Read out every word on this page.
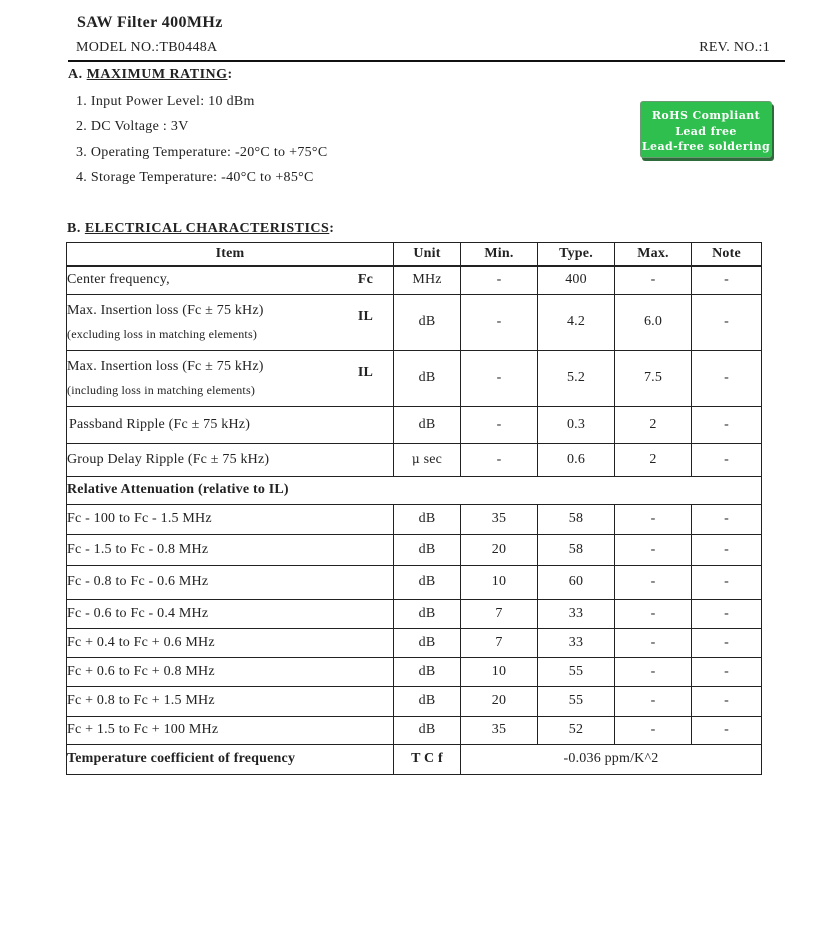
SAW Filter 400MHz
MODEL NO.:TB0448A	REV. NO.:1
A. MAXIMUM RATING:
1. Input Power Level: 10 dBm
2. DC Voltage : 3V
3. Operating Temperature: -20°C to +75°C
4. Storage Temperature: -40°C to +85°C
RoHS Compliant
Lead free
Lead-free soldering
B. ELECTRICAL CHARACTERISTICS:
Item	Unit	Min.	Type.	Max.	Note
Center frequency, Fc	MHz	-	400	-	-
Max. Insertion loss (Fc ± 75 kHz) IL
(excluding loss in matching elements)	dB	-	4.2	6.0	-
Max. Insertion loss (Fc ± 75 kHz) IL
(including loss in matching elements)	dB	-	5.2	7.5	-
Passband Ripple (Fc ± 75 kHz)	dB	-	0.3	2	-
Group Delay Ripple (Fc ± 75 kHz)	μ sec	-	0.6	2	-
Relative Attenuation (relative to IL)					
Fc - 100 to Fc - 1.5 MHz	dB	35	58	-	-
Fc - 1.5 to Fc - 0.8 MHz	dB	20	58	-	-
Fc - 0.8 to Fc - 0.6 MHz	dB	10	60	-	-
Fc - 0.6 to Fc - 0.4 MHz	dB	7	33	-	-
Fc + 0.4 to Fc + 0.6 MHz	dB	7	33	-	-
Fc + 0.6 to Fc + 0.8 MHz	dB	10	55	-	-
Fc + 0.8 to Fc + 1.5 MHz	dB	20	55	-	-
Fc + 1.5 to Fc + 100 MHz	dB	35	52	-	-
Temperature coefficient of frequency	T C f	-0.036 ppm/K^2			
